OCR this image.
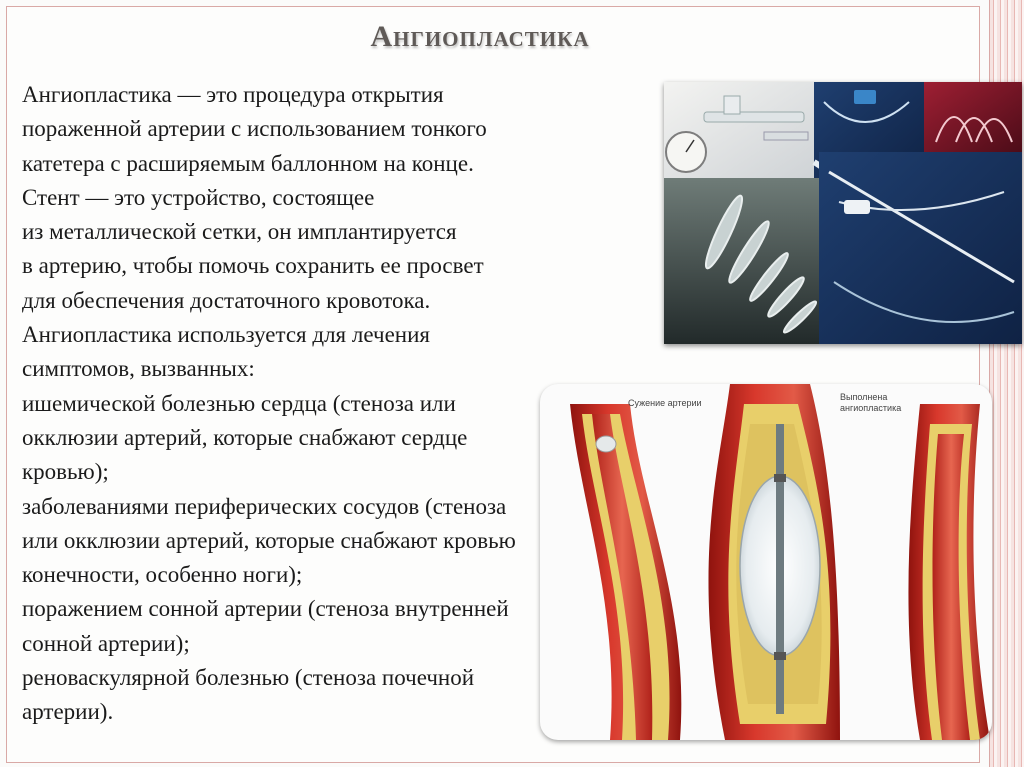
Ангиопластика
Сужение артерии
Выполнена
ангиопластика
Ангиопластика — это процедура открытия
пораженной артерии с использованием тонкого
катетера с расширяемым баллонном на конце.
Стент — это устройство, состоящее
из металлической сетки, он имплантируется
в артерию, чтобы помочь сохранить ее просвет
для обеспечения достаточного кровотока.
Ангиопластика используется для лечения
симптомов, вызванных:
ишемической болезнью сердца (стеноза или
окклюзии артерий, которые снабжают сердце
кровью);
заболеваниями периферических сосудов (стеноза
или окклюзии артерий, которые снабжают кровью
конечности, особенно ноги);
поражением сонной артерии (стеноза внутренней
сонной артерии);
реноваскулярной болезнью (стеноза почечной
артерии).
